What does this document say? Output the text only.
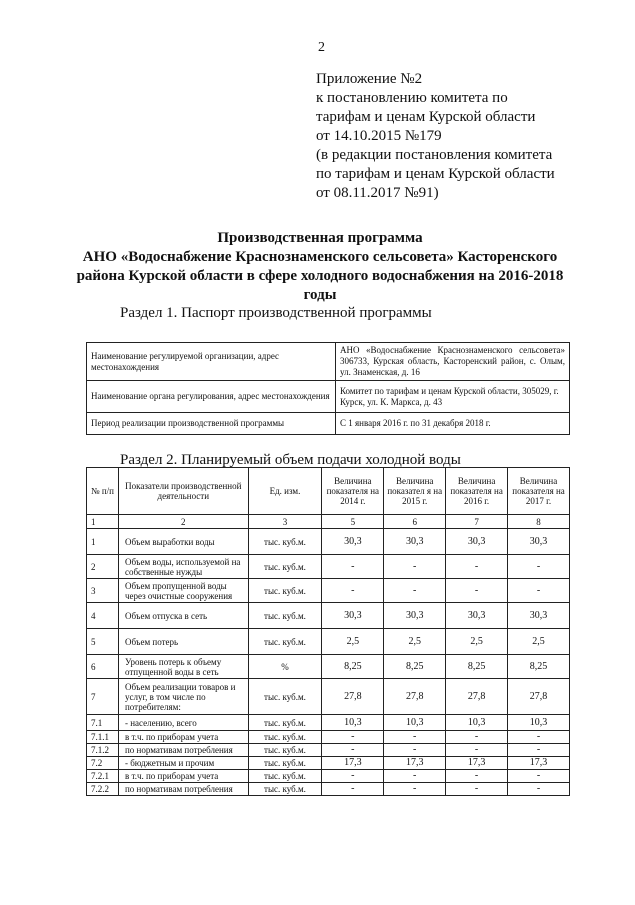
2
Приложение №2
к постановлению комитета по
тарифам и ценам Курской области
от 14.10.2015 №179
(в редакции постановления комитета
по тарифам и ценам Курской области
от 08.11.2017 №91)
Производственная программа
АНО «Водоснабжение Краснознаменского сельсовета» Касторенского района Курской области в сфере холодного водоснабжения на 2016-2018 годы
Раздел 1. Паспорт производственной программы
Наименование регулируемой организации, адрес местонахождения	АНО «Водоснабжение Краснознаменского сельсовета» 306733, Курская область, Касторенский район, с. Олым, ул. Знаменская, д. 16
Наименование органа регулирования, адрес местонахождения	Комитет по тарифам и ценам Курской области, 305029, г. Курск, ул. К. Маркса, д. 43
Период реализации производственной программы	С 1 января 2016 г. по 31 декабря 2018 г.
Раздел 2. Планируемый объем подачи холодной воды
№ п/п	Показатели производственной деятельности	Ед. изм.	Величина показателя на 2014 г.	Величина показател я на 2015 г.	Величина показателя на 2016 г.	Величина показателя на 2017 г.
1	2	3	5	6	7	8
1	Объем выработки воды	тыс. куб.м.	30,3	30,3	30,3	30,3
2	Объем воды, используемой на собственные нужды	тыс. куб.м.	-	-	-	-
3	Объем пропущенной воды через очистные сооружения	тыс. куб.м.	-	-	-	-
4	Объем отпуска в сеть	тыс. куб.м.	30,3	30,3	30,3	30,3
5	Объем потерь	тыс. куб.м.	2,5	2,5	2,5	2,5
6	Уровень потерь к объему отпущенной воды в сеть	%	8,25	8,25	8,25	8,25
7	Объем реализации товаров и услуг, в том числе по потребителям:	тыс. куб.м.	27,8	27,8	27,8	27,8
7.1	- населению, всего	тыс. куб.м.	10,3	10,3	10,3	10,3
7.1.1	в т.ч. по приборам учета	тыс. куб.м.	-	-	-	-
7.1.2	по нормативам потребления	тыс. куб.м.	-	-	-	-
7.2	- бюджетным и прочим	тыс. куб.м.	17,3	17,3	17,3	17,3
7.2.1	в т.ч. по приборам учета	тыс. куб.м.	-	-	-	-
7.2.2	по нормативам потребления	тыс. куб.м.	-	-	-	-
